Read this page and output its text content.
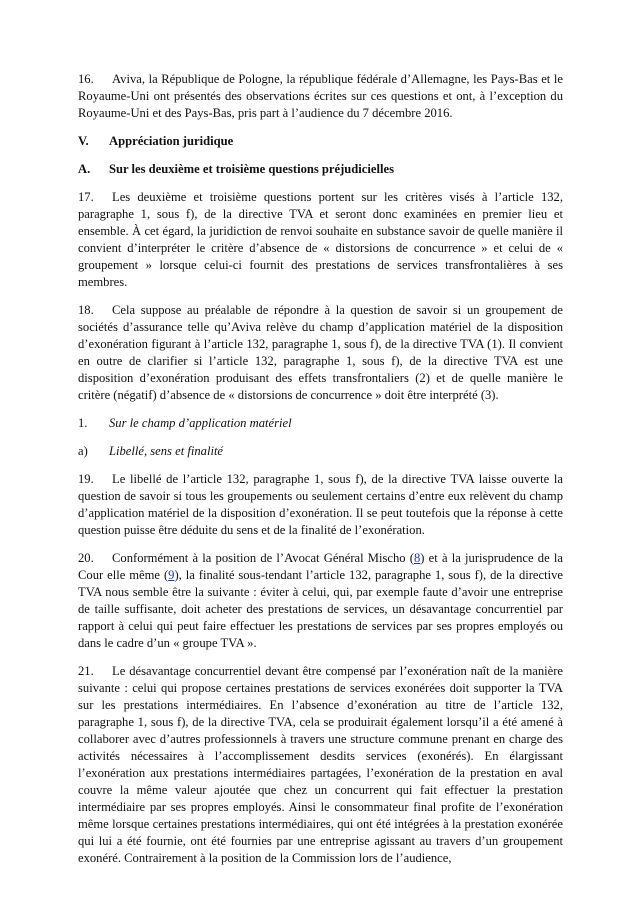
16. Aviva, la République de Pologne, la république fédérale d’Allemagne, les Pays-Bas et le Royaume-Uni ont présentés des observations écrites sur ces questions et ont, à l’exception du Royaume-Uni et des Pays-Bas, pris part à l’audience du 7 décembre 2016.

V. Appréciation juridique

A. Sur les deuxième et troisième questions préjudicielles

17. Les deuxième et troisième questions portent sur les critères visés à l’article 132, paragraphe 1, sous f), de la directive TVA et seront donc examinées en premier lieu et ensemble. À cet égard, la juridiction de renvoi souhaite en substance savoir de quelle manière il convient d’interpréter le critère d’absence de « distorsions de concurrence » et celui de « groupement » lorsque celui-ci fournit des prestations de services transfrontalières à ses membres.

18. Cela suppose au préalable de répondre à la question de savoir si un groupement de sociétés d’assurance telle qu’Aviva relève du champ d’application matériel de la disposition d’exonération figurant à l’article 132, paragraphe 1, sous f), de la directive TVA (1). Il convient en outre de clarifier si l’article 132, paragraphe 1, sous f), de la directive TVA est une disposition d’exonération produisant des effets transfrontaliers (2) et de quelle manière le critère (négatif) d’absence de « distorsions de concurrence » doit être interprété (3).

1. Sur le champ d’application matériel

a) Libellé, sens et finalité

19. Le libellé de l’article 132, paragraphe 1, sous f), de la directive TVA laisse ouverte la question de savoir si tous les groupements ou seulement certains d’entre eux relèvent du champ d’application matériel de la disposition d’exonération. Il se peut toutefois que la réponse à cette question puisse être déduite du sens et de la finalité de l’exonération.

20. Conformément à la position de l’Avocat Général Mischo (8) et à la jurisprudence de la Cour elle même (9), la finalité sous-tendant l’article 132, paragraphe 1, sous f), de la directive TVA nous semble être la suivante : éviter à celui, qui, par exemple faute d’avoir une entreprise de taille suffisante, doit acheter des prestations de services, un désavantage concurrentiel par rapport à celui qui peut faire effectuer les prestations de services par ses propres employés ou dans le cadre d’un « groupe TVA ».

21. Le désavantage concurrentiel devant être compensé par l’exonération naît de la manière suivante : celui qui propose certaines prestations de services exonérées doit supporter la TVA sur les prestations intermédiaires. En l’absence d’exonération au titre de l’article 132, paragraphe 1, sous f), de la directive TVA, cela se produirait également lorsqu’il a été amené à collaborer avec d’autres professionnels à travers une structure commune prenant en charge des activités nécessaires à l’accomplissement desdits services (exonérés). En élargissant l’exonération aux prestations intermédiaires partagées, l’exonération de la prestation en aval couvre la même valeur ajoutée que chez un concurrent qui fait effectuer la prestation intermédiaire par ses propres employés. Ainsi le consommateur final profite de l’exonération même lorsque certaines prestations intermédiaires, qui ont été intégrées à la prestation exonérée qui lui a été fournie, ont été fournies par une entreprise agissant au travers d’un groupement exonéré. Contrairement à la position de la Commission lors de l’audience,
